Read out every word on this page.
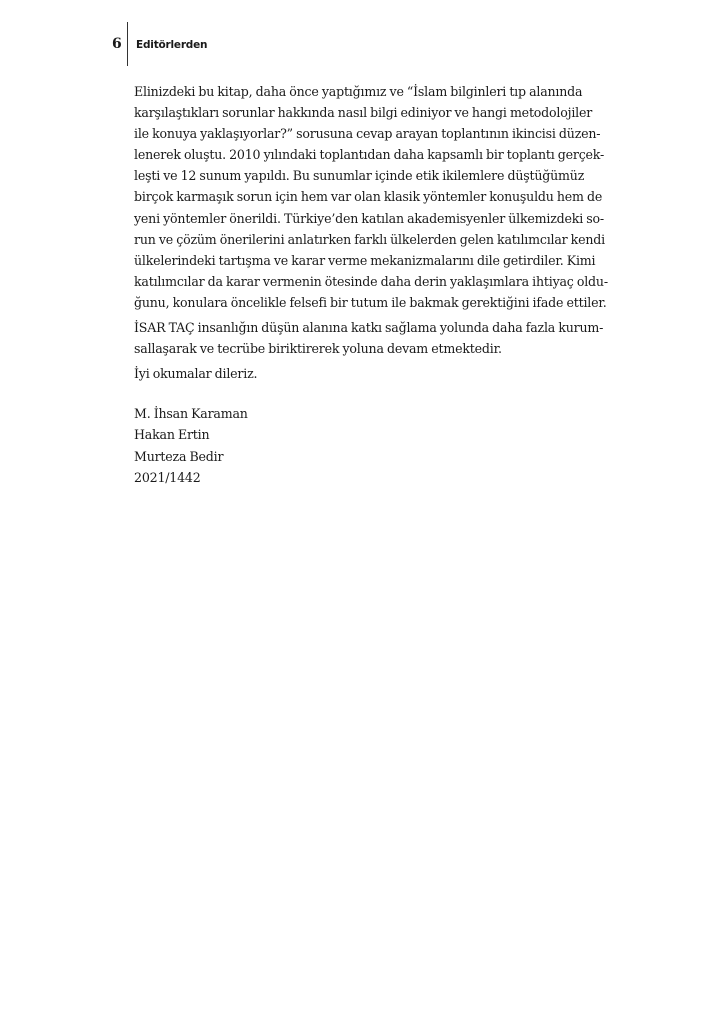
6 Editörlerden

Elinizdeki bu kitap, daha önce yaptığımız ve “İslam bilginleri tıp alanında
karşılaştıkları sorunlar hakkında nasıl bilgi ediniyor ve hangi metodolojiler
ile konuya yaklaşıyorlar?” sorusuna cevap arayan toplantının ikincisi düzen-
lenerek oluştu. 2010 yılındaki toplantıdan daha kapsamlı bir toplantı gerçek-
leşti ve 12 sunum yapıldı. Bu sunumlar içinde etik ikilemlere düştüğümüz
birçok karmaşık sorun için hem var olan klasik yöntemler konuşuldu hem de
yeni yöntemler önerildi. Türkiye’den katılan akademisyenler ülkemizdeki so-
run ve çözüm önerilerini anlatırken farklı ülkelerden gelen katılımcılar kendi
ülkelerindeki tartışma ve karar verme mekanizmalarını dile getirdiler. Kimi
katılımcılar da karar vermenin ötesinde daha derin yaklaşımlara ihtiyaç oldu-
ğunu, konulara öncelikle felsefi bir tutum ile bakmak gerektiğini ifade ettiler.

İSAR TAÇ insanlığın düşün alanına katkı sağlama yolunda daha fazla kurum-
sallaşarak ve tecrübe biriktirerek yoluna devam etmektedir.

İyi okumalar dileriz.

M. İhsan Karaman
Hakan Ertin
Murteza Bedir
2021/1442
